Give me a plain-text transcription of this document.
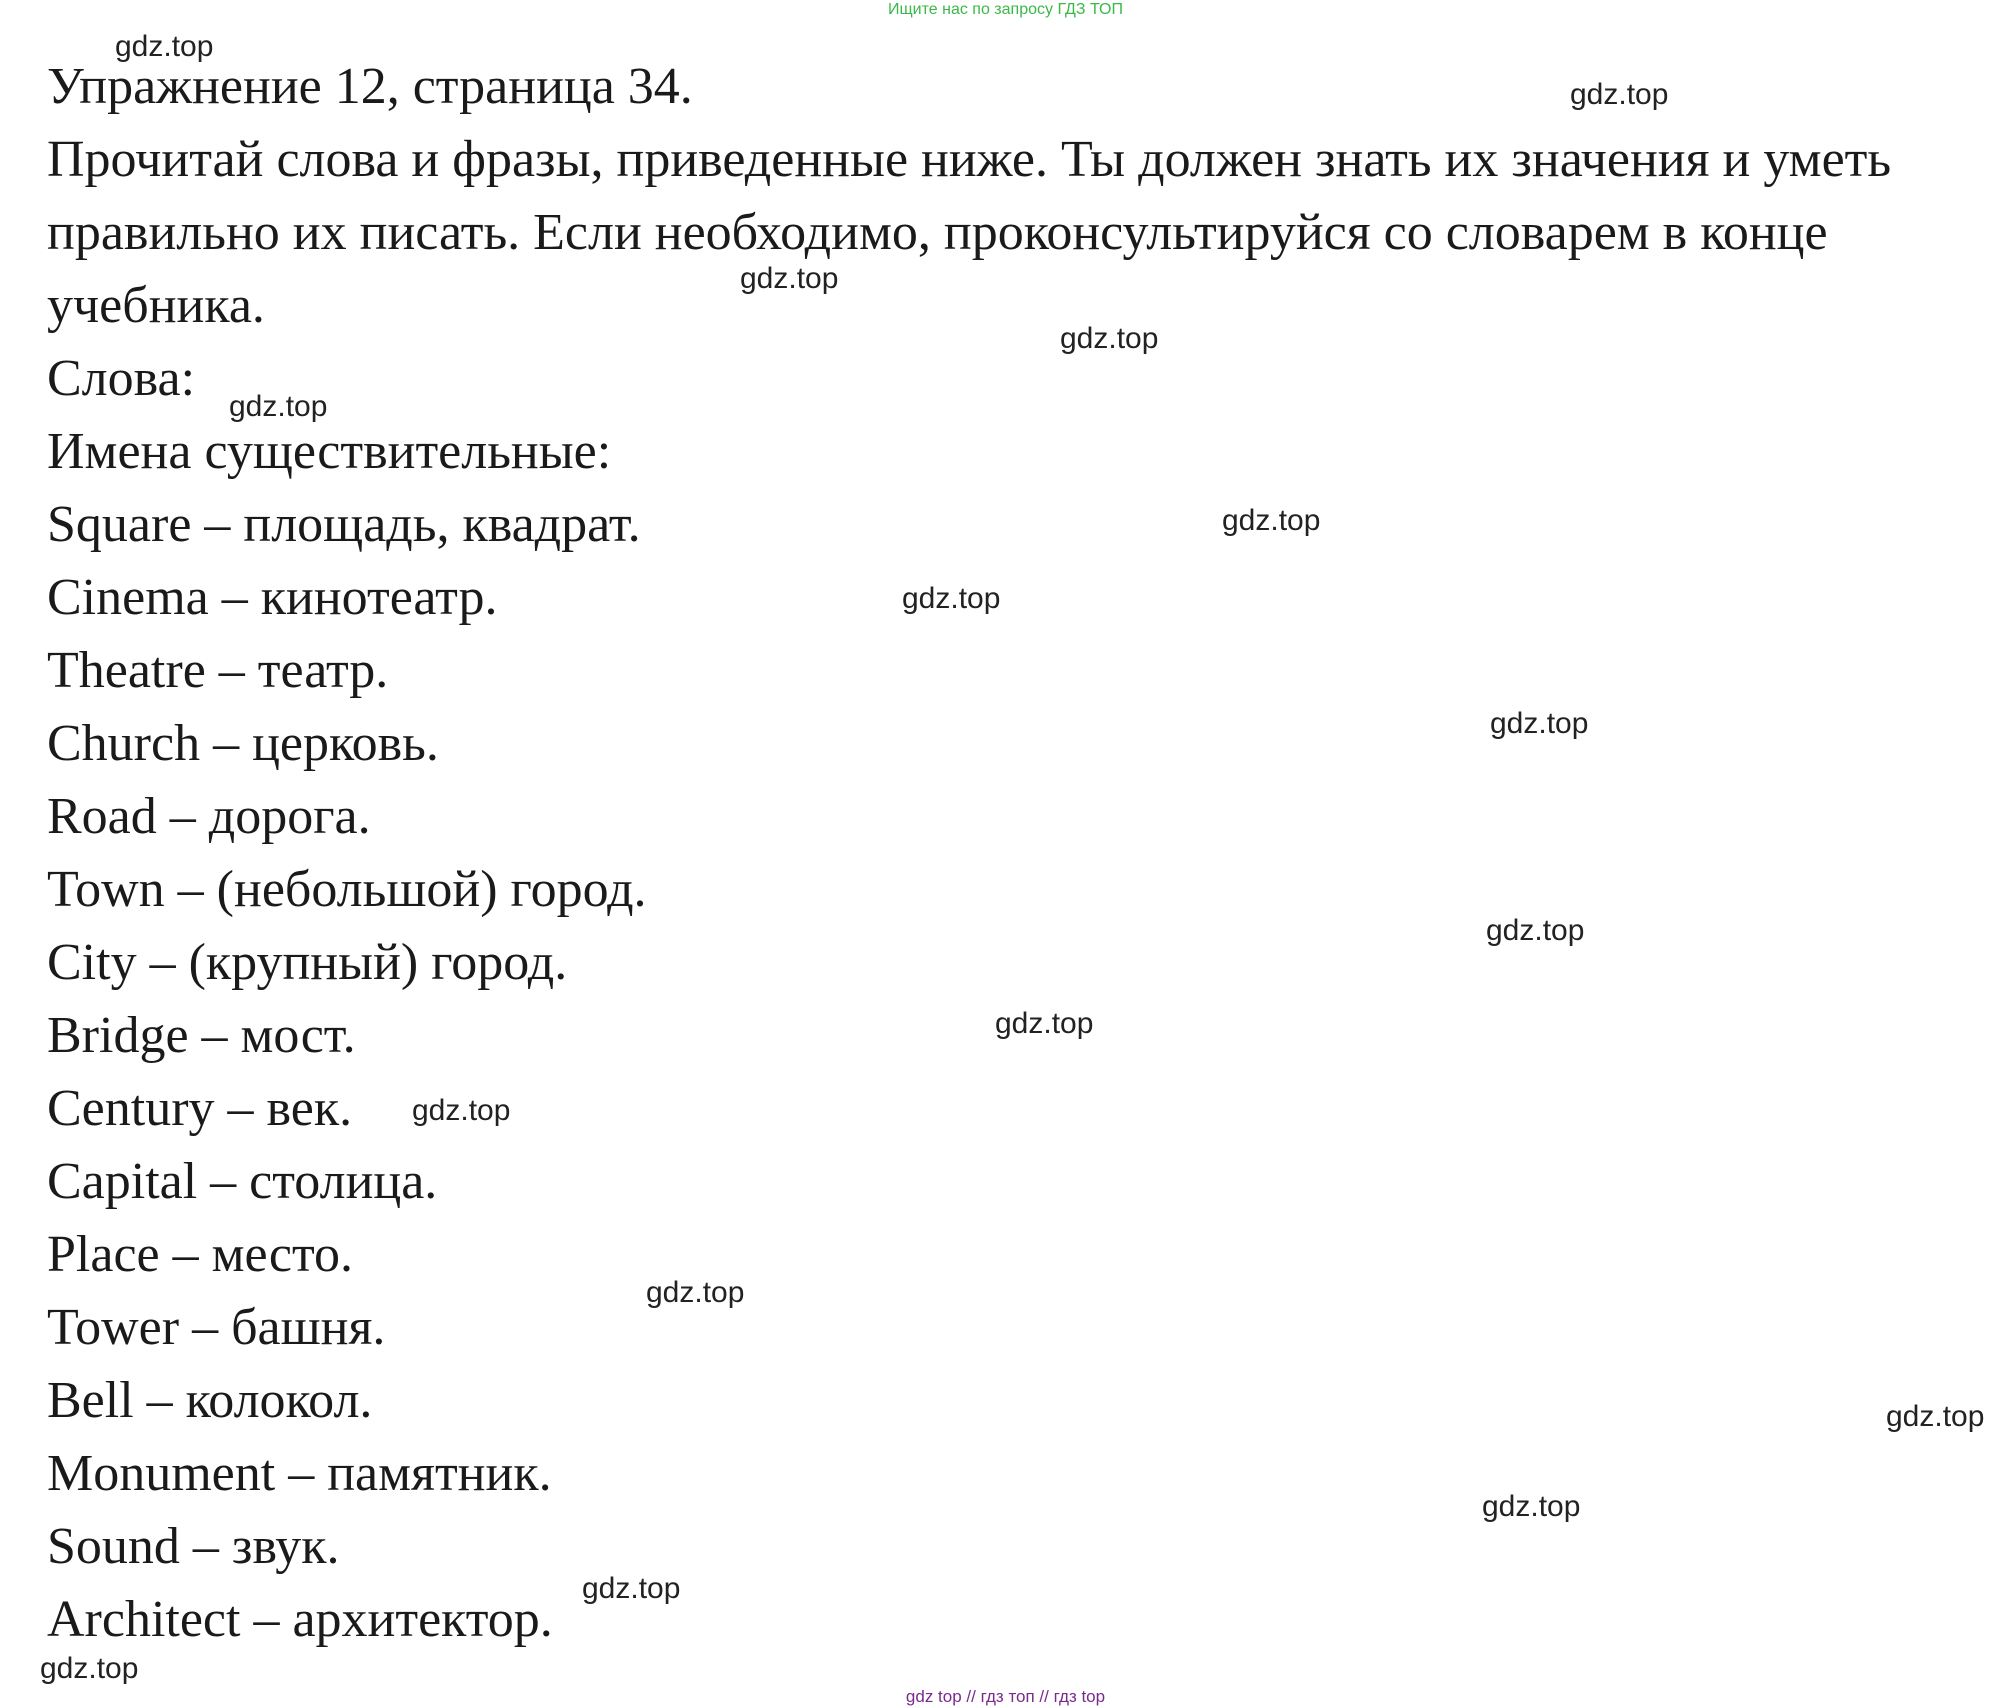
Ищите нас по запросу ГДЗ ТОП
Упражнение 12, страница 34.
Прочитай слова и фразы, приведенные ниже. Ты должен знать их значения и уметь правильно их писать. Если необходимо, проконсультируйся со словарем в конце учебника.
Слова:
Имена существительные:
Square – площадь, квадрат.
Cinema – кинотеатр.
Theatre – театр.
Church – церковь.
Road – дорога.
Town – (небольшой) город.
City – (крупный) город.
Bridge – мост.
Century – век.
Capital – столица.
Place – место.
Tower – башня.
Bell – колокол.
Monument – памятник.
Sound – звук.
Architect – архитектор.
gdz.top
gdz.top
gdz.top
gdz.top
gdz.top
gdz.top
gdz.top
gdz.top
gdz.top
gdz.top
gdz.top
gdz.top
gdz.top
gdz.top
gdz.top
gdz.top
gdz top // гдз топ // гдз top
